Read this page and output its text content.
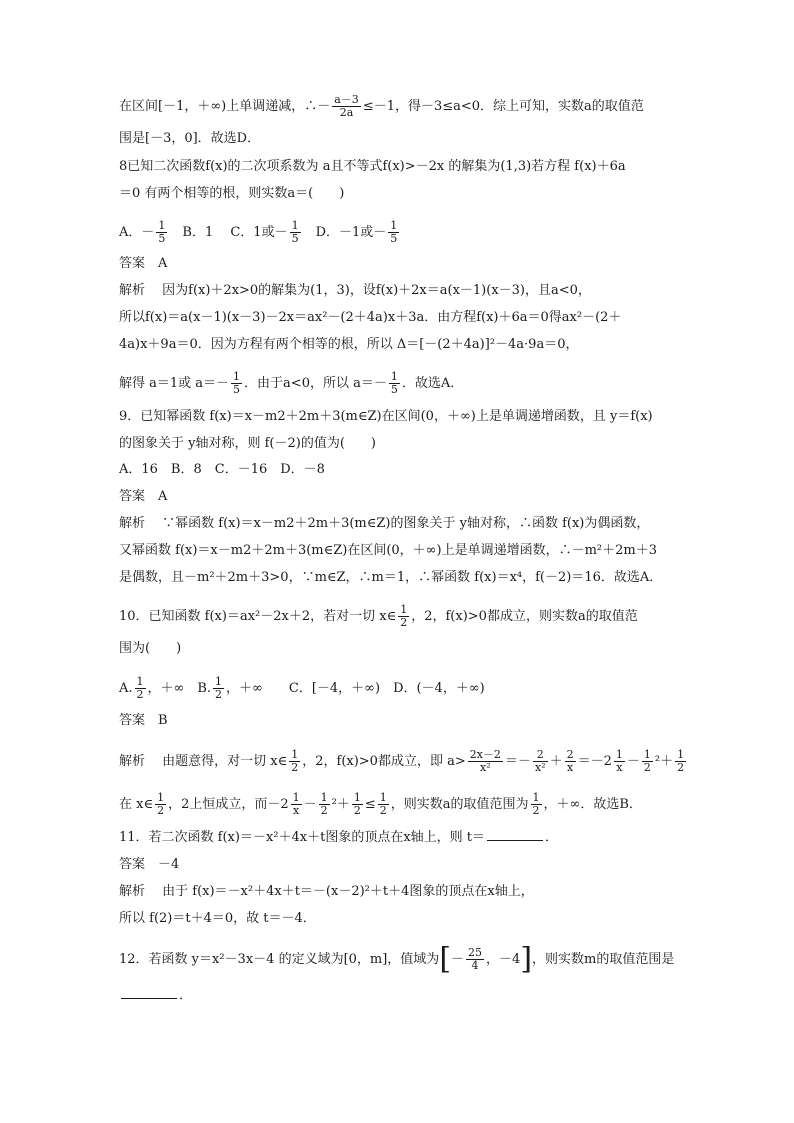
在区间[－1，＋∞)上单调递减，∴－ $\frac{a-3}{2a} \le-1$，得－3≤a<0．综上可知，实数a的取值范
围是[－3，0]．故选D．
8已知二次函数f(x)的二次项系数为 a且不等式f(x)>－2x 的解集为(1,3)若方程 f(x)＋6a
＝0 有两个相等的根，则实数a＝(　　)
A．－ $\frac{1}{5}$ 　B．1　 C．1或－ $\frac{1}{5}$ 　D．－1或－ $\frac{1}{5}$
答案　A
解析　 因为f(x)＋2x>0的解集为(1，3)，设f(x)＋2x＝a(x－1)(x－3)，且a<0，
所以f(x)＝a(x－1)(x－3)－2x＝ax²－(2＋4a)x＋3a．由方程f(x)＋6a＝0得ax²－(2＋
4a)x＋9a＝0．因为方程有两个相等的根，所以 Δ＝[－(2＋4a)]²－4a·9a＝0，
解得 a＝1或 $a=- \frac{1}{5}$ ．由于a<0，所以 $a=- \frac{1}{5}$ ．故选A．
9．已知幂函数 f(x)＝x－m2＋2m＋3(m∈Z)在区间(0，＋∞)上是单调递增函数，且 y＝f(x)
的图象关于 y轴对称，则 f(－2)的值为(　　)
A．16　B．8　C．－16　D．－8
答案　A
解析　 ∵幂函数 f(x)＝x－m2＋2m＋3(m∈Z)的图象关于 y轴对称，∴函数 f(x)为偶函数，
又幂函数 f(x)＝x－m2＋2m＋3(m∈Z)在区间(0，＋∞)上是单调递增函数，∴－m²＋2m＋3
是偶数，且－m²＋2m＋3>0，∵m∈Z，∴m＝1，∴幂函数 f(x)＝x⁴，f(－2)＝16．故选A．
10．已知函数 f(x)＝ax²－2x＋2，若对一切 x∈ $\frac{1}{2}$ ，2，f(x)>0都成立，则实数a的取值范
围为(　　)
A. $\frac{1}{2}$ ，＋∞　B. $\frac{1}{2}$ ，＋∞　　C．[－4，＋∞)　D．(－4，＋∞)
答案　B
解析　 由题意得，对一切 x∈ $\frac{1}{2}$ ，2，f(x)>0都成立，即 $a> \frac{2x-2}{\text{x²}} =- \frac{2}{\text{x²}} + \frac{2}{x} =-2 \frac{1}{x} - \frac{1}{2} ^2+ \frac{1}{2}$
在 x∈ $\frac{1}{2}$ ，2上恒成立，而$-2 \frac{1}{x} - \frac{1}{2} ^2+ \frac{1}{2} \le \frac{1}{2}$ ，则实数a的取值范围为 $\frac{1}{2}$ ，＋∞．故选B．
11．若二次函数 f(x)＝－x²＋4x＋t图象的顶点在x轴上，则 t＝	．
答案　－4
解析　 由于 f(x)＝－x²＋4x＋t＝－(x－2)²＋t＋4图象的顶点在x轴上，
所以 f(2)＝t＋4＝0，故 t＝－4．
12．若函数 y＝x²－3x－4 的定义域为[0，m]，值域为[－ $\frac{25}{4}$ ，－4]，则实数m的取值范围是
．
